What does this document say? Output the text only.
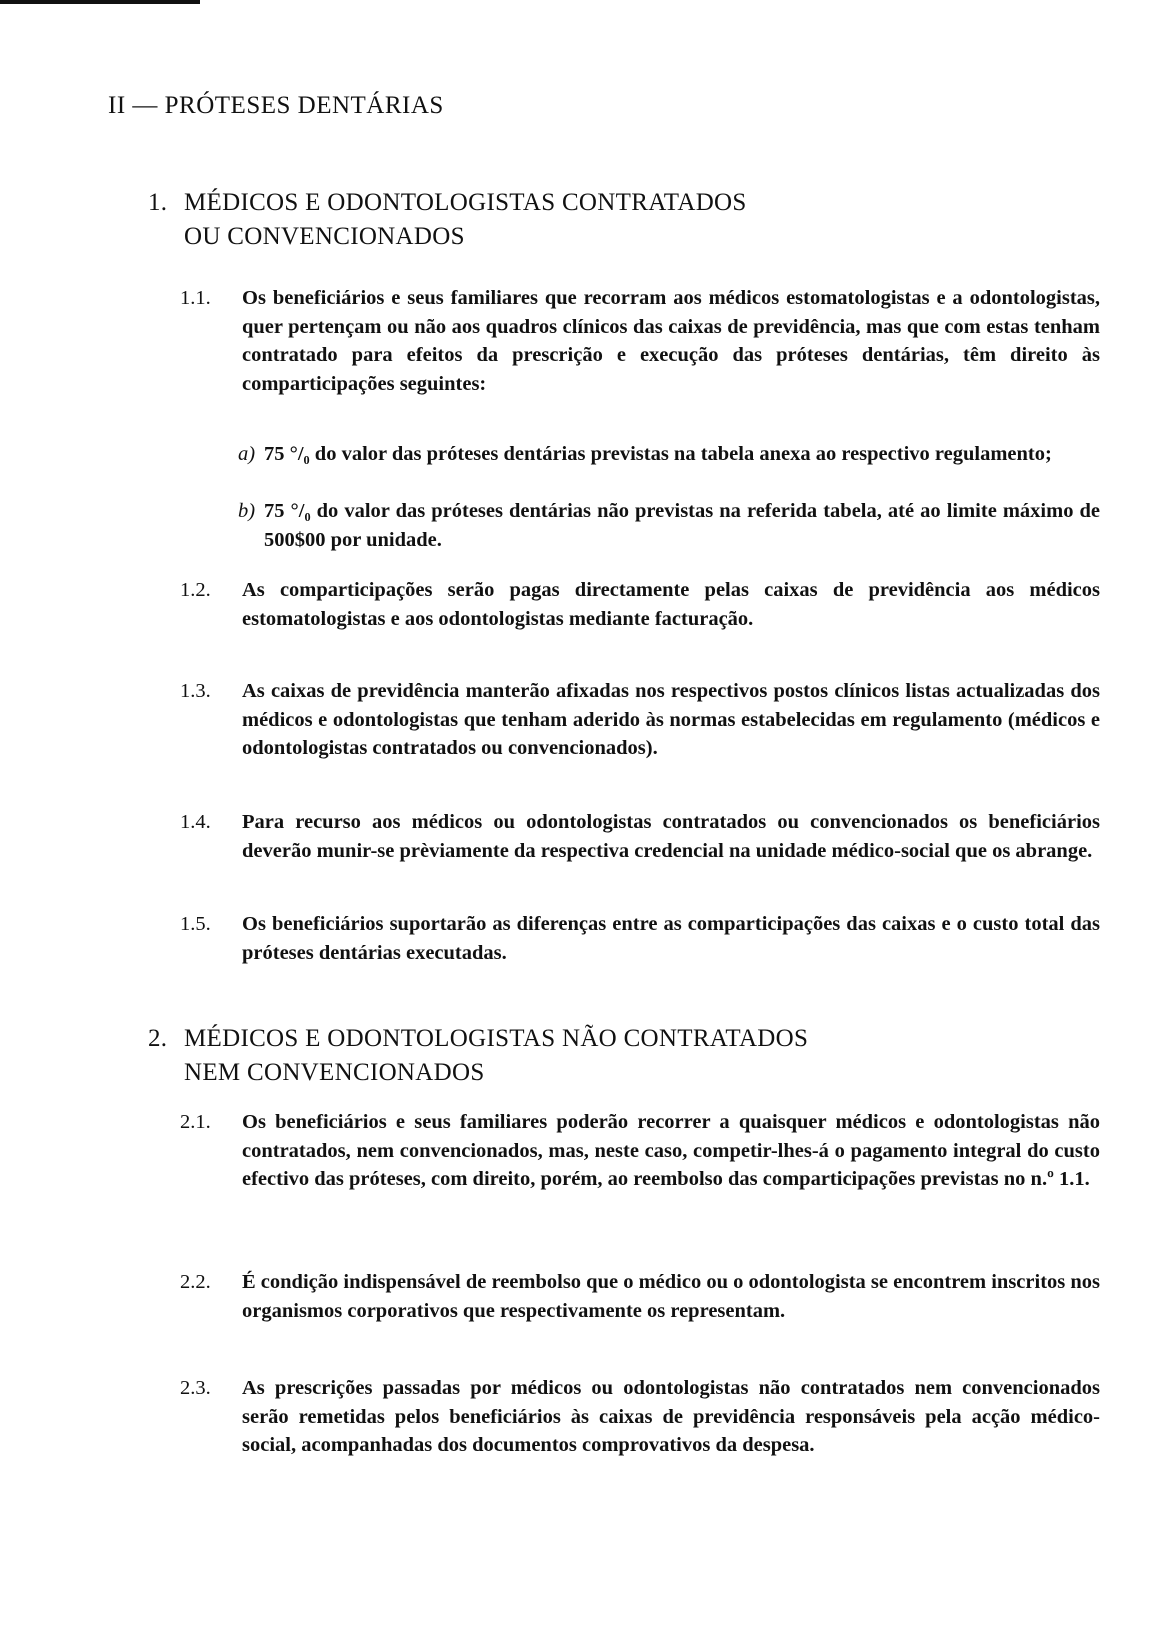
II — PRÓTESES DENTÁRIAS
1. MÉDICOS E ODONTOLOGISTAS CONTRATADOS
OU CONVENCIONADOS
1.1.	Os beneficiários e seus familiares que recorram aos médicos estomatologistas e a odontologistas, quer pertençam ou não aos quadros clínicos das caixas de previdência, mas que com estas tenham contratado para efeitos da prescrição e execução das próteses dentárias, têm direito às comparticipações seguintes:
a) 75 °/₀ do valor das próteses dentárias previstas na tabela anexa ao respectivo regulamento;
b) 75 °/₀ do valor das próteses dentárias não previstas na referida tabela, até ao limite máximo de 500$00 por unidade.
1.2.	As comparticipações serão pagas directamente pelas caixas de previdência aos médicos estomatologistas e aos odontologistas mediante facturação.
1.3.	As caixas de previdência manterão afixadas nos respectivos postos clínicos listas actualizadas dos médicos e odontologistas que tenham aderido às normas estabelecidas em regulamento (médicos e odontologistas contratados ou convencionados).
1.4.	Para recurso aos médicos ou odontologistas contratados ou convencionados os beneficiários deverão munir-se prèviamente da respectiva credencial na unidade médico-social que os abrange.
1.5.	Os beneficiários suportarão as diferenças entre as comparticipações das caixas e o custo total das próteses dentárias executadas.
2. MÉDICOS E ODONTOLOGISTAS NÃO CONTRATADOS
NEM CONVENCIONADOS
2.1.	Os beneficiários e seus familiares poderão recorrer a quaisquer médicos e odontologistas não contratados, nem convencionados, mas, neste caso, competir-lhes-á o pagamento integral do custo efectivo das próteses, com direito, porém, ao reembolso das comparticipações previstas no n.º 1.1.
2.2.	É condição indispensável de reembolso que o médico ou o odontologista se encontrem inscritos nos organismos corporativos que respectivamente os representam.
2.3.	As prescrições passadas por médicos ou odontologistas não contratados nem convencionados serão remetidas pelos beneficiários às caixas de previdência responsáveis pela acção médico-social, acompanhadas dos documentos comprovativos da despesa.
